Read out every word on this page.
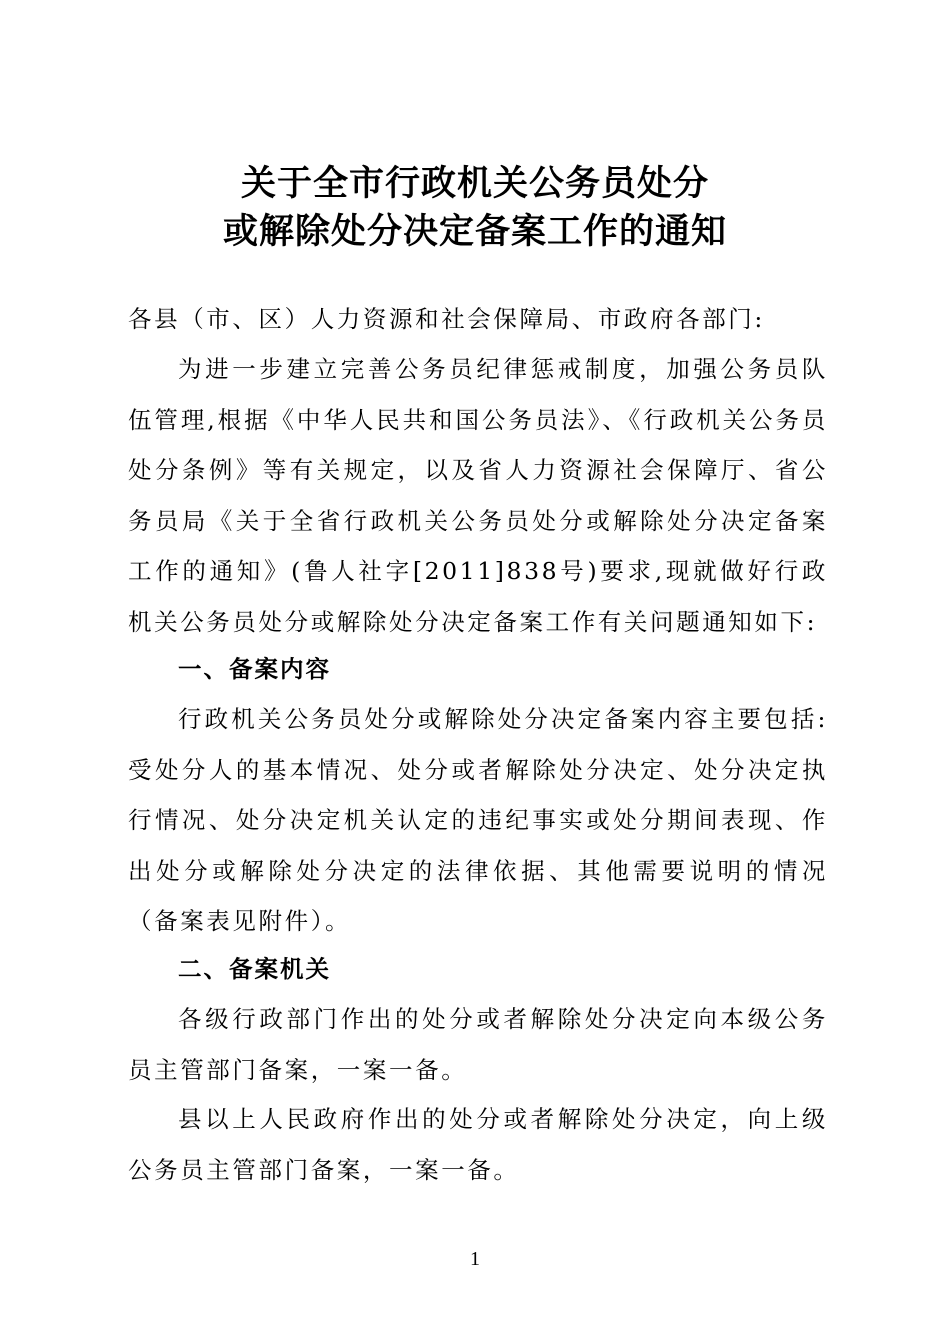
关于全市行政机关公务员处分
或解除处分决定备案工作的通知
各县（市、区）人力资源和社会保障局、市政府各部门:
为进一步建立完善公务员纪律惩戒制度，加强公务员队伍管理,根据《中华人民共和国公务员法》、《行政机关公务员处分条例》等有关规定，以及省人力资源社会保障厅、省公务员局《关于全省行政机关公务员处分或解除处分决定备案工作的通知》(鲁人社字[2011]838号)要求,现就做好行政机关公务员处分或解除处分决定备案工作有关问题通知如下:
一、备案内容
行政机关公务员处分或解除处分决定备案内容主要包括:受处分人的基本情况、处分或者解除处分决定、处分决定执行情况、处分决定机关认定的违纪事实或处分期间表现、作出处分或解除处分决定的法律依据、其他需要说明的情况（备案表见附件）。
二、备案机关
各级行政部门作出的处分或者解除处分决定向本级公务员主管部门备案，一案一备。
县以上人民政府作出的处分或者解除处分决定，向上级公务员主管部门备案，一案一备。
1
